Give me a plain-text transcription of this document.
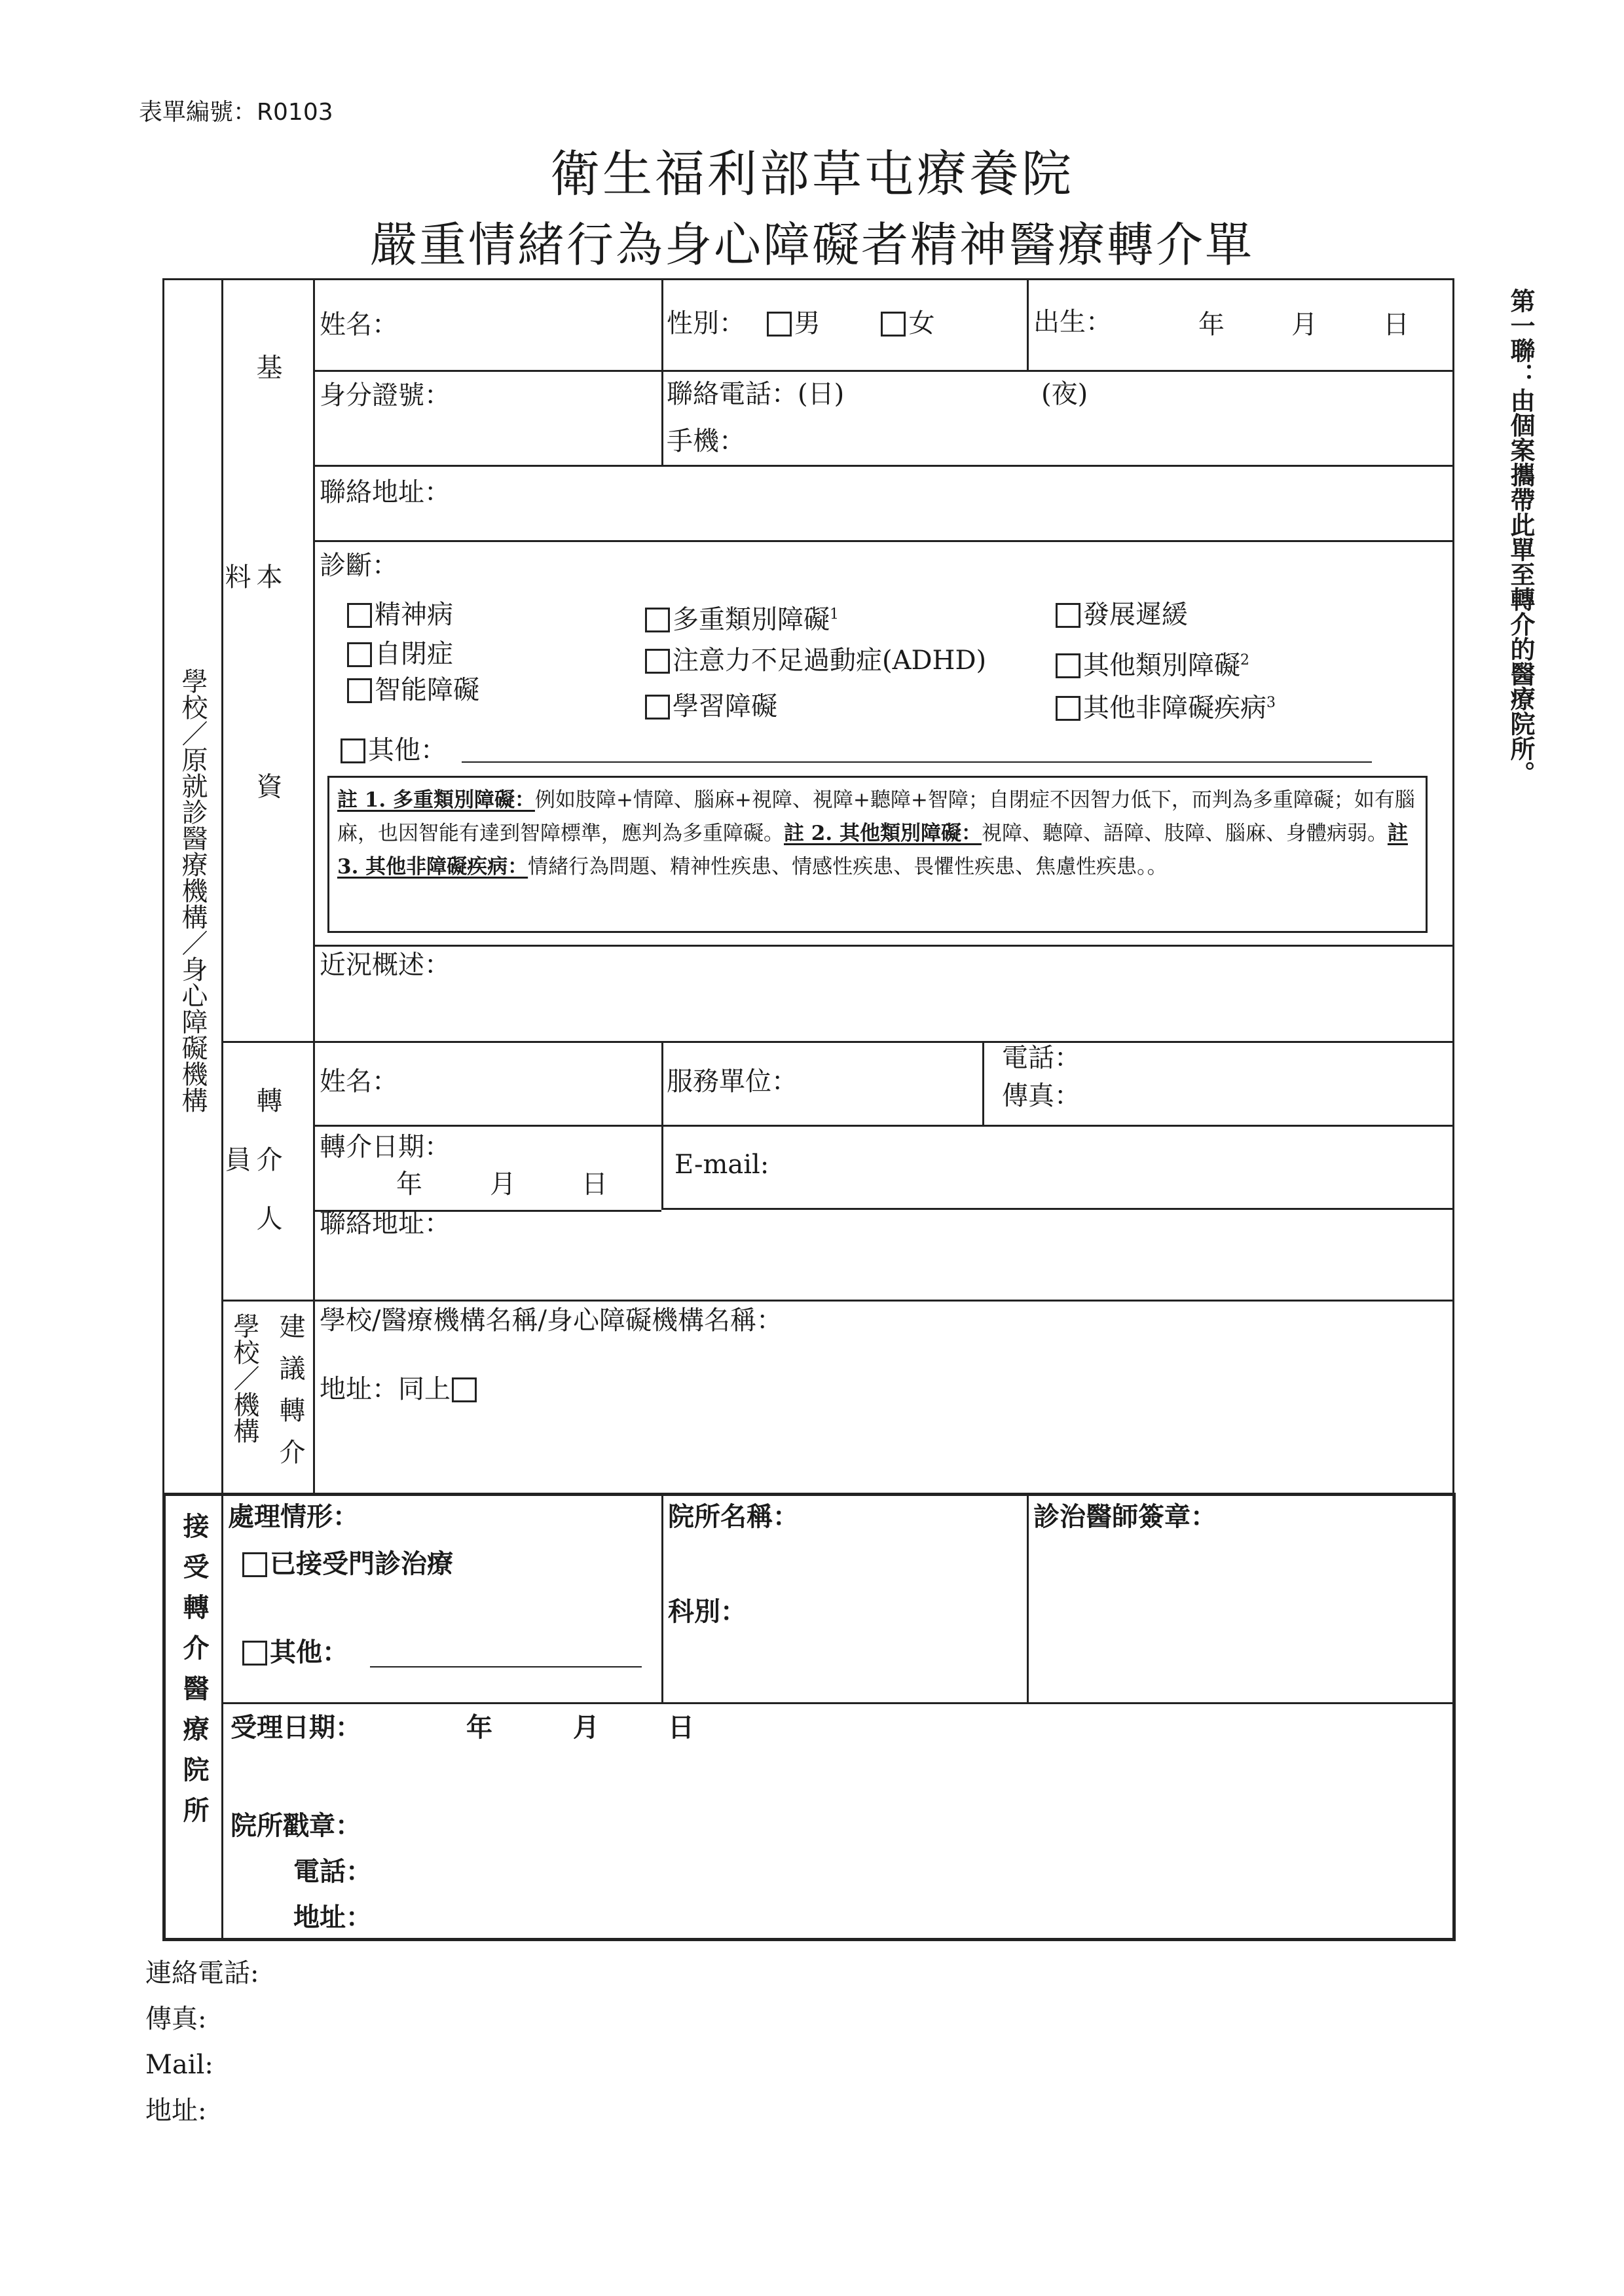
表單編號：R0103
衛生福利部草屯療養院
嚴重情緒行為身心障礙者精神醫療轉介單
第一聯：由個案攜帶此單至轉介的醫療院所。
學校／原就診醫療機構／身心障礙機構 基本資料
轉介人員
學校／機構 建議轉介
接受轉介醫療院所
姓名：	性別： 男	女	出生：	年	月	日
身分證號：	聯絡電話：(日)	(夜)
手機：
聯絡地址：
診斷：
精神病
自閉症
智能障礙
多重類別障礙$^1$
注意力不足過動症(ADHD)
學習障礙
發展遲緩
其他類別障礙$^2$
其他非障礙疾病$^3$
其他：
註 1. 多重類別障礙：例如肢障+情障、腦麻+視障、視障+聽障+智障；自閉症不因智力低下，而判為多重障礙；如有腦麻，也因智能有達到智障標準，應判為多重障礙。註 2. 其他類別障礙：視障、聽障、語障、肢障、腦麻、身體病弱。註 3. 其他非障礙疾病：情緒行為問題、精神性疾患、情感性疾患、畏懼性疾患、焦慮性疾患。。
近況概述：
姓名：	服務單位：
電話：
傳真：
轉介日期：
年	月	日
E-mail:
聯絡地址：
學校/醫療機構名稱/身心障礙機構名稱：
地址：同上
處理情形：
已接受門診治療
其他：
院所名稱：
科別：
診治醫師簽章：
受理日期：	年	月	日
院所戳章：
電話：
地址：
連絡電話:
傳真:
Mail:
地址:
